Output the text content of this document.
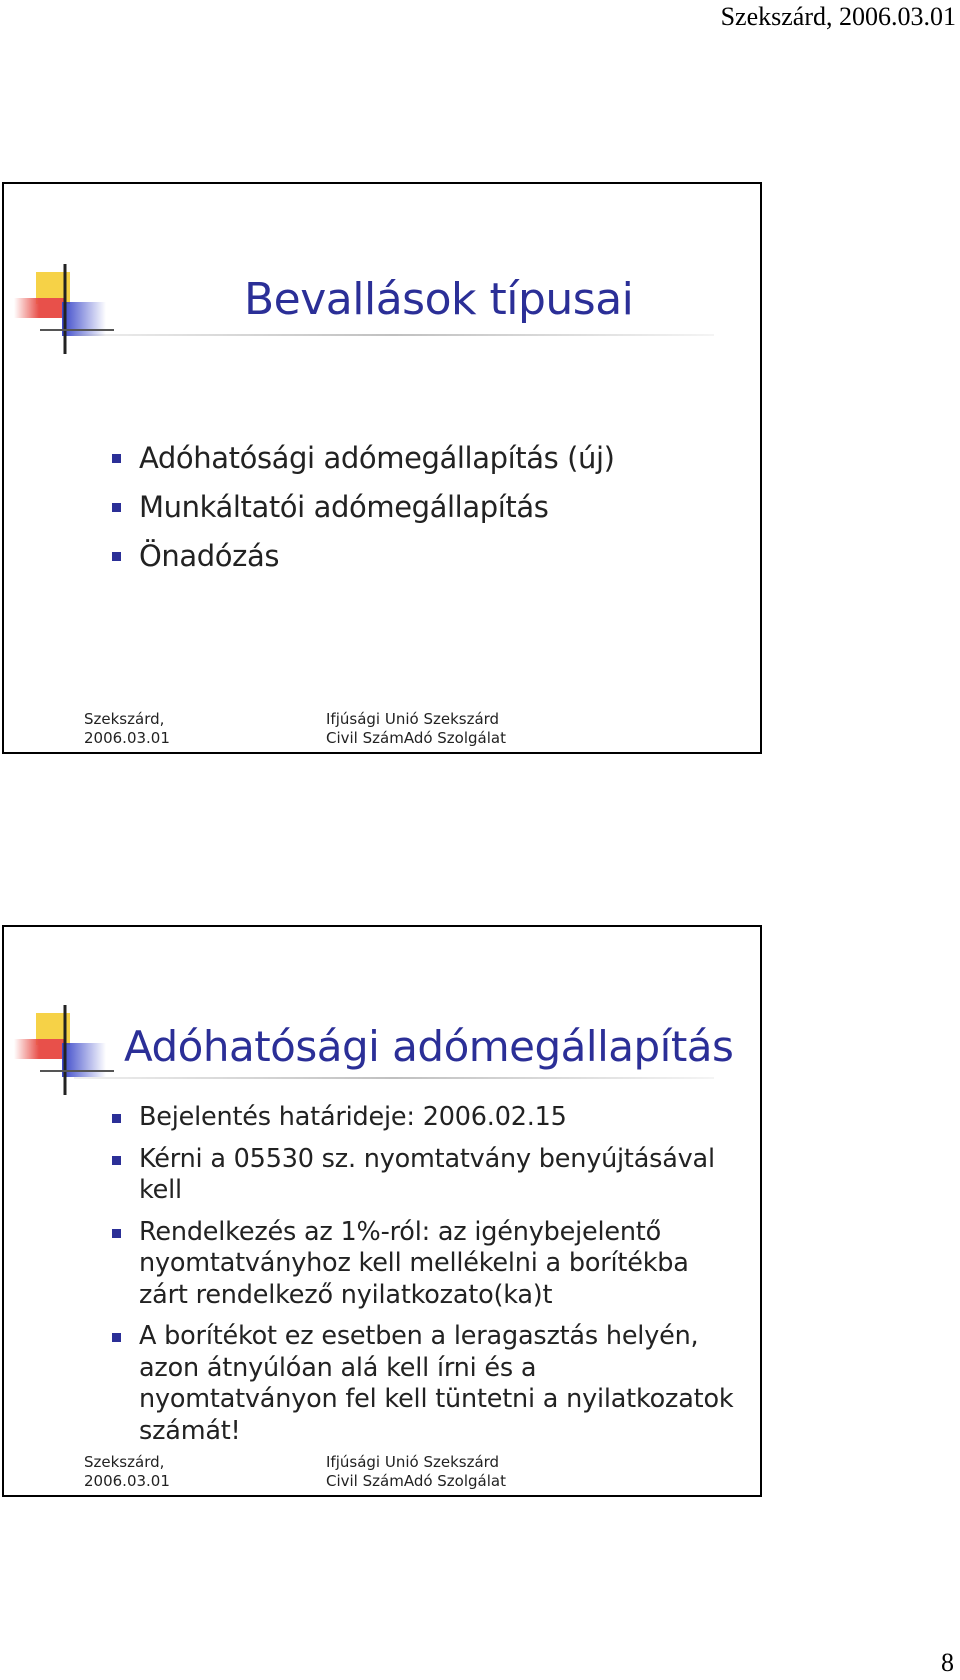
Szekszárd, 2006.03.01
Bevallások típusai
Adóhatósági adómegállapítás (új)
Munkáltatói adómegállapítás
Önadózás
Szekszárd,
2006.03.01
Ifjúsági Unió Szekszárd
Civil SzámAdó Szolgálat
Adóhatósági adómegállapítás
Bejelentés határideje: 2006.02.15
Kérni a 05530 sz. nyomtatvány benyújtásával kell
Rendelkezés az 1%-ról: az igénybejelentő nyomtatványhoz kell mellékelni a borítékba zárt rendelkező nyilatkozato(ka)t
A borítékot ez esetben a leragasztás helyén, azon átnyúlóan alá kell írni és a nyomtatványon fel kell tüntetni a nyilatkozatok számát!
Szekszárd,
2006.03.01
Ifjúsági Unió Szekszárd
Civil SzámAdó Szolgálat
8
